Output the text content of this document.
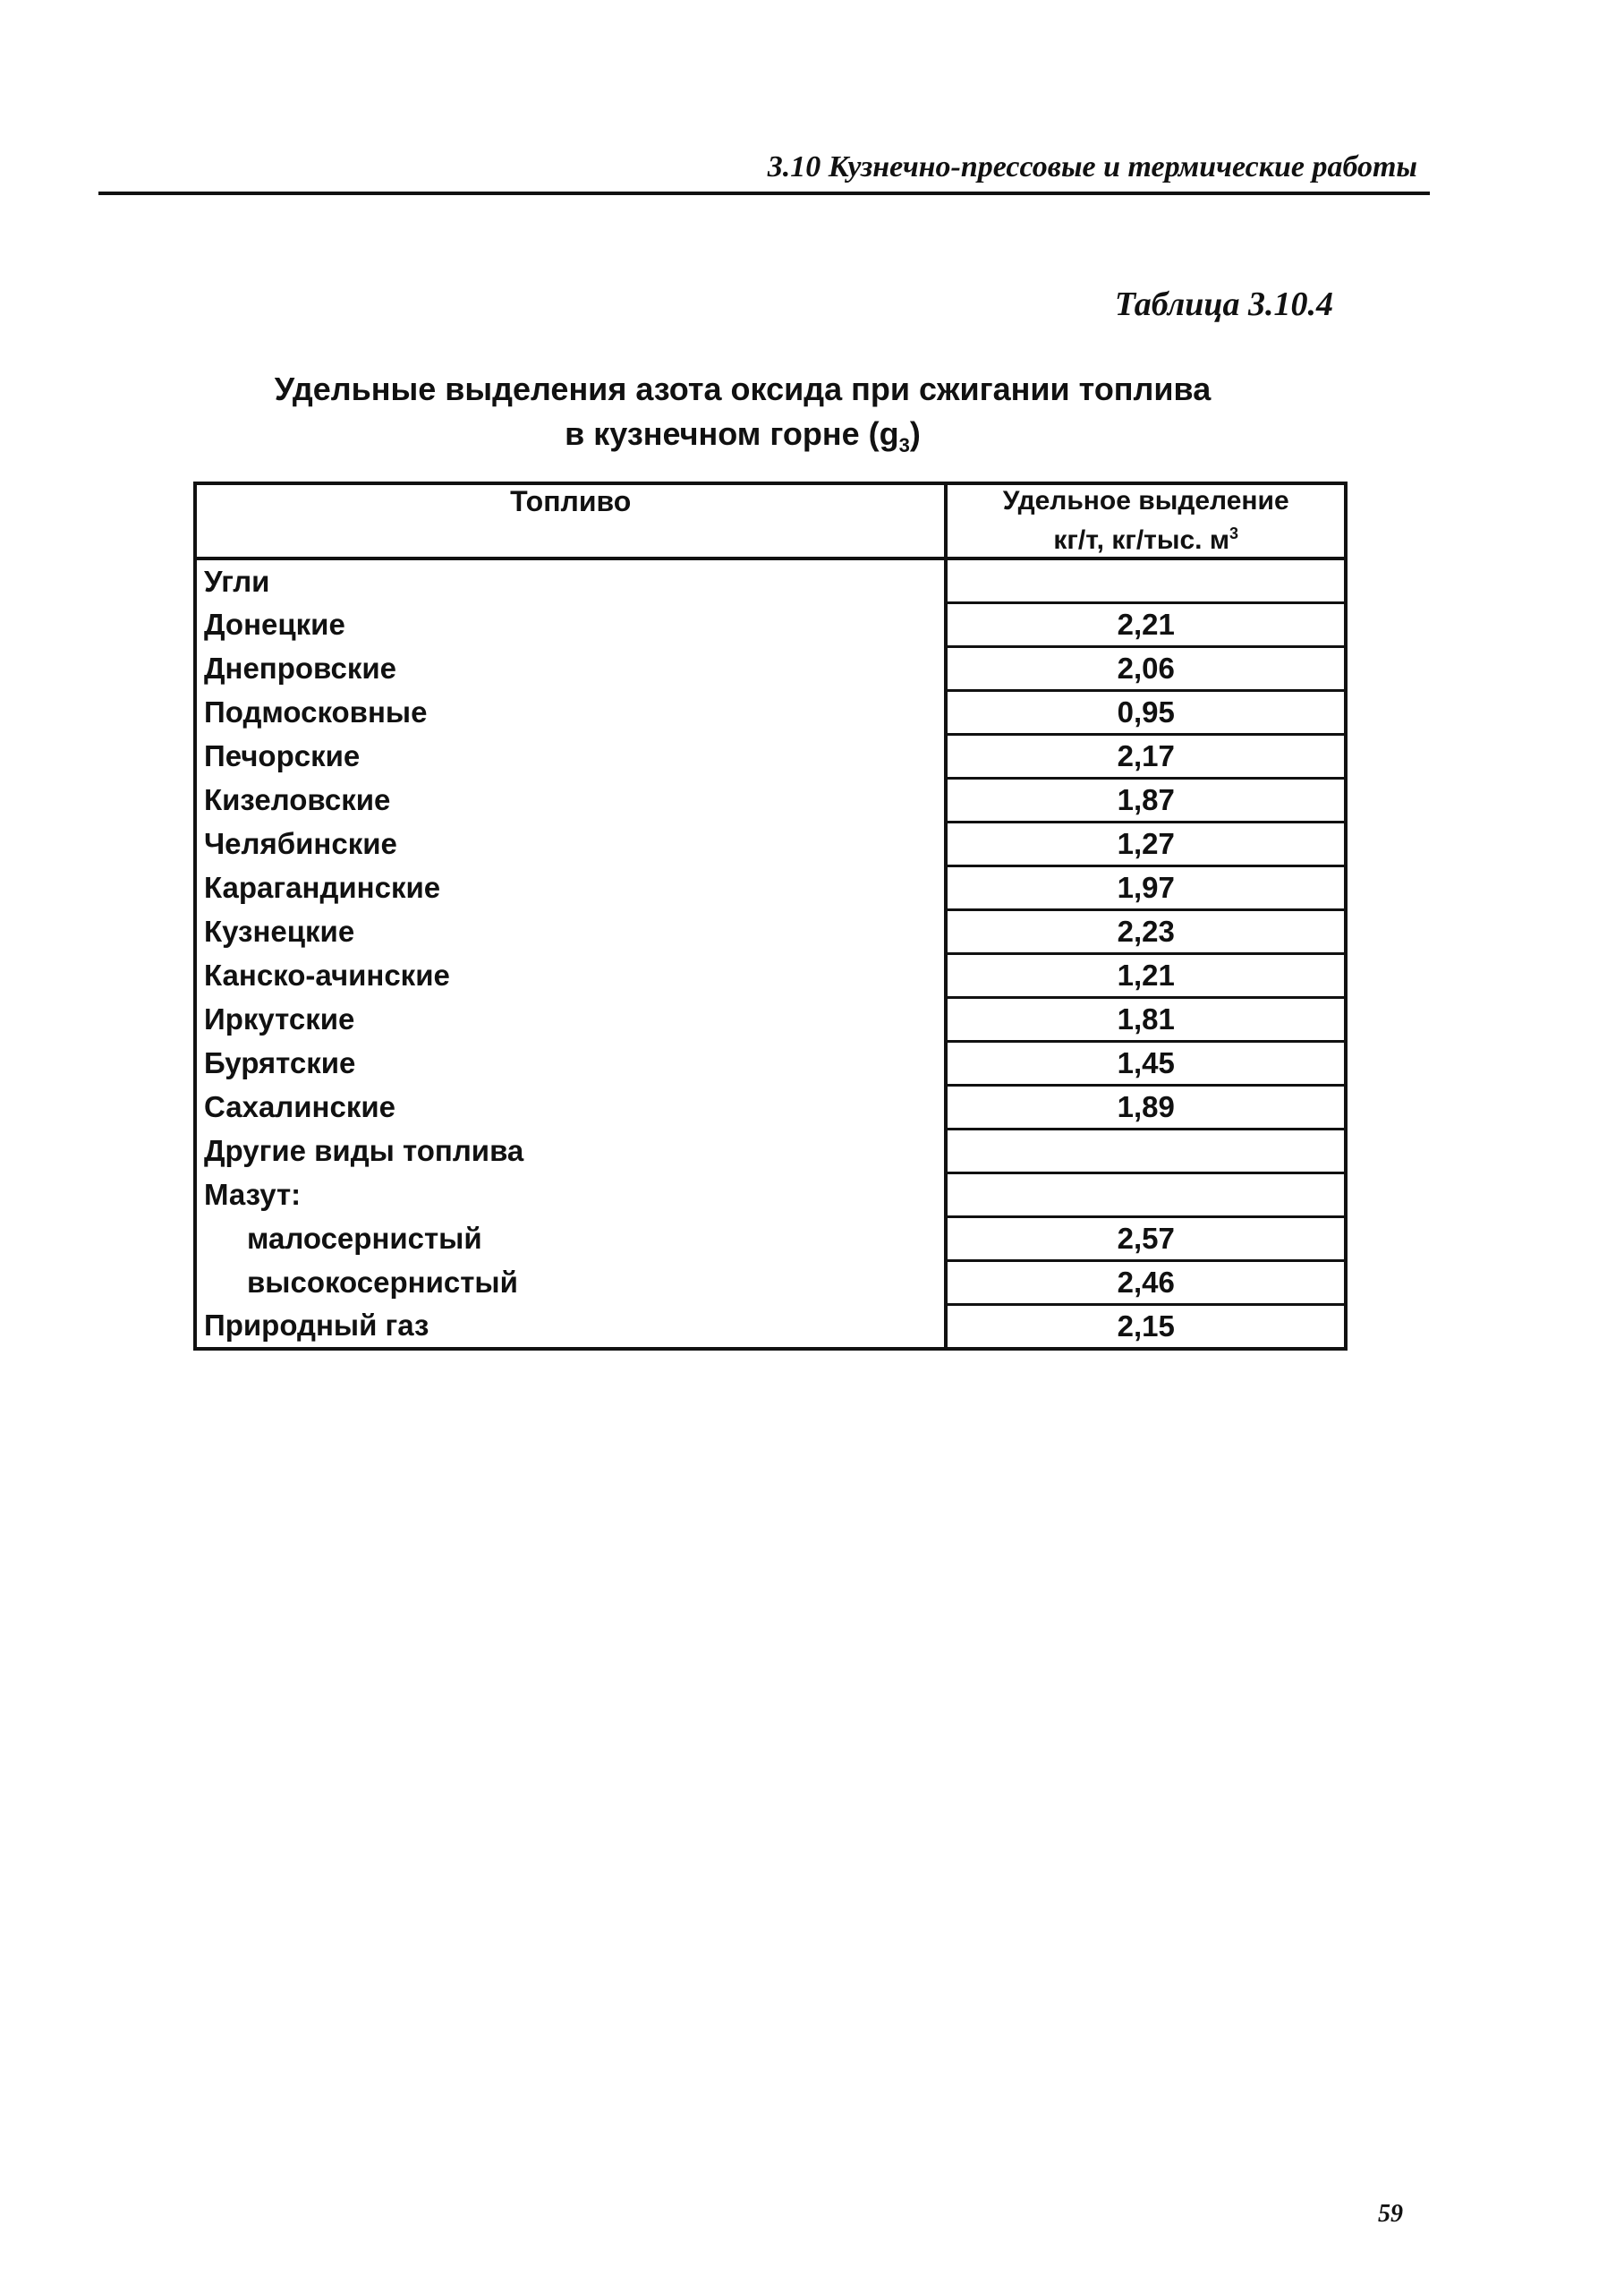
3.10 Кузнечно-прессовые и термические работы
Таблица 3.10.4
Удельные выделения азота оксида при сжигании топлива
в кузнечном горне $(g_3)$
Топливо	Удельное выделение
кг/т, кг/тыс. $м^3$

Угли	
Донецкие	2,21
Днепровские	2,06
Подмосковные	0,95
Печорские	2,17
Кизеловские	1,87
Челябинские	1,27
Карагандинские	1,97
Кузнецкие	2,23
Канско-ачинские	1,21
Иркутские	1,81
Бурятские	1,45
Сахалинские	1,89
Другие виды топлива	
Мазут:	
малосернистый	2,57
высокосернистый	2,46
Природный газ	2,15
59
